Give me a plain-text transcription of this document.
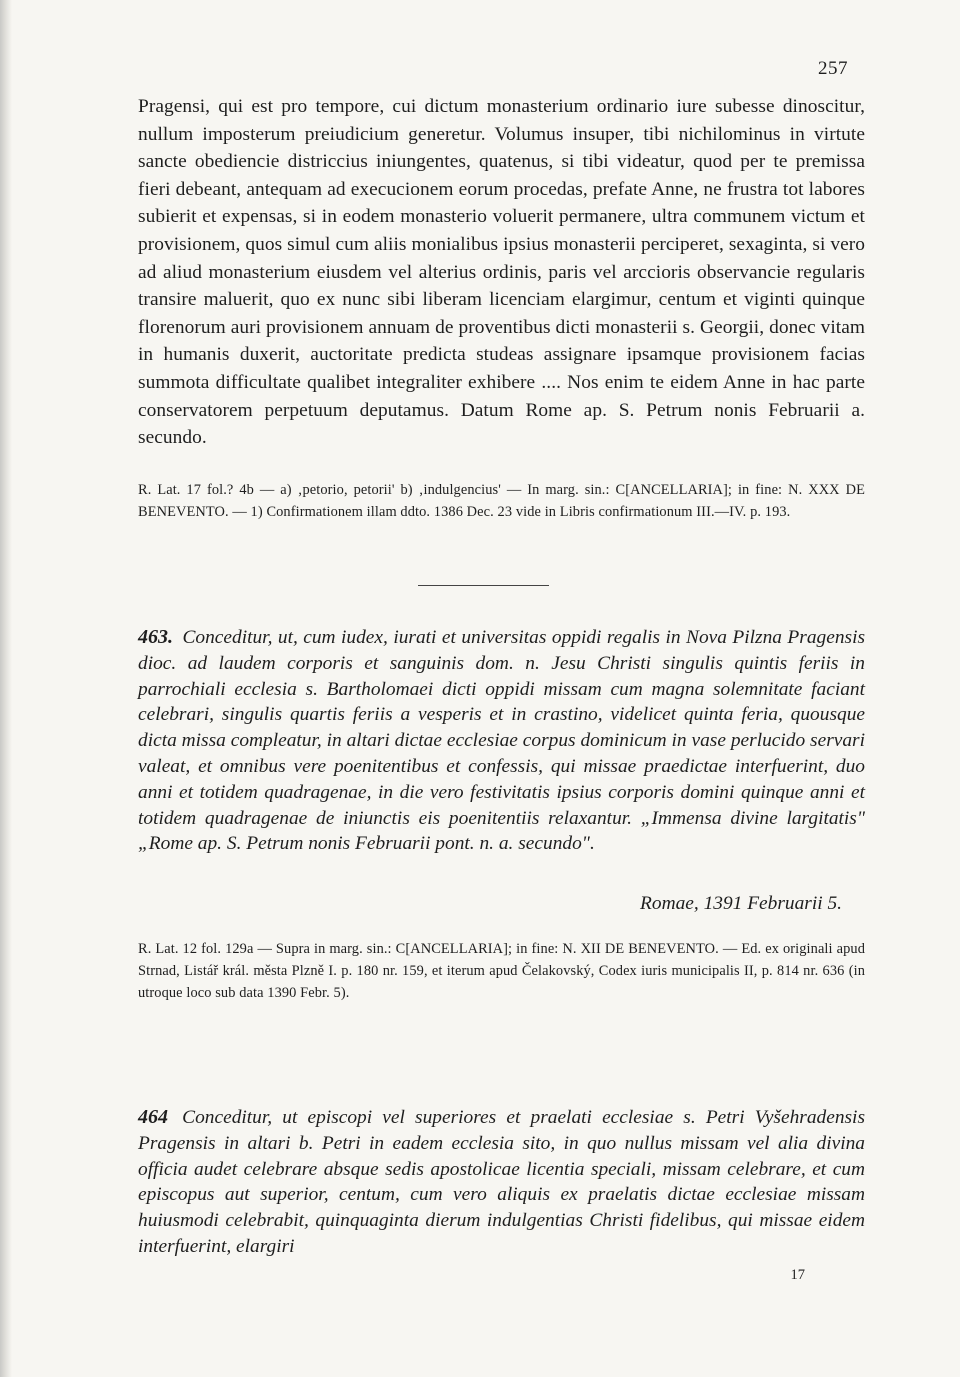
257

Pragensi, qui est pro tempore, cui dictum monasterium ordinario iure subesse dinoscitur, nullum imposterum preiudicium generetur. Volumus insuper, tibi nichilominus in virtute sancte obediencie districcius iniungentes, quatenus, si tibi videatur, quod per te premissa fieri debeant, antequam ad execucionem eorum procedas, prefate Anne, ne frustra tot labores subierit et expensas, si in eodem monasterio voluerit permanere, ultra communem victum et provisionem, quos simul cum aliis monialibus ipsius monasterii perciperet, sexaginta, si vero ad aliud monasterium eiusdem vel alterius ordinis, paris vel arccioris observancie regularis transire maluerit, quo ex nunc sibi liberam licenciam elargimur, centum et viginti quinque florenorum auri provisionem annuam de proventibus dicti monasterii s. Georgii, donec vitam in humanis duxerit, auctoritate predicta studeas assignare ipsamque provisionem facias summota difficultate qualibet integraliter exhibere .... Nos enim te eidem Anne in hac parte conservatorem perpetuum deputamus. Datum Rome ap. S. Petrum nonis Februarii a. secundo.

R. Lat. 17 fol.? 4b — a) ‚petorio, petorii' b) ‚indulgencius' — In marg. sin.: C[ANCELLARIA]; in fine: N. XXX DE BENEVENTO. — 1) Confirmationem illam ddto. 1386 Dec. 23 vide in Libris confirmationum III.—IV. p. 193.

463. Conceditur, ut, cum iudex, iurati et universitas oppidi regalis in Nova Pilzna Pragensis dioc. ad laudem corporis et sanguinis dom. n. Jesu Christi singulis quintis feriis in parrochiali ecclesia s. Bartholomaei dicti oppidi missam cum magna solemnitate faciant celebrari, singulis quartis feriis a vesperis et in crastino, videlicet quinta feria, quousque dicta missa compleatur, in altari dictae ecclesiae corpus dominicum in vase perlucido servari valeat, et omnibus vere poenitentibus et confessis, qui missae praedictae interfuerint, duo anni et totidem quadragenae, in die vero festivitatis ipsius corporis domini quinque anni et totidem quadragenae de iniunctis eis poenitentiis relaxantur. „Immensa divine largitatis" „Rome ap. S. Petrum nonis Februarii pont. n. a. secundo".

Romae, 1391 Februarii 5.

R. Lat. 12 fol. 129a — Supra in marg. sin.: C[ANCELLARIA]; in fine: N. XII DE BENEVENTO. — Ed. ex originali apud Strnad, Listář král. města Plzně I. p. 180 nr. 159, et iterum apud Čelakovský, Codex iuris municipalis II, p. 814 nr. 636 (in utroque loco sub data 1390 Febr. 5).

464 Conceditur, ut episcopi vel superiores et praelati ecclesiae s. Petri Vyšehradensis Pragensis in altari b. Petri in eadem ecclesia sito, in quo nullus missam vel alia divina officia audet celebrare absque sedis apostolicae licentia speciali, missam celebrare, et cum episcopus aut superior, centum, cum vero aliquis ex praelatis dictae ecclesiae missam huiusmodi celebrabit, quinquaginta dierum indulgentias Christi fidelibus, qui missae eidem interfuerint, elargiri

17
